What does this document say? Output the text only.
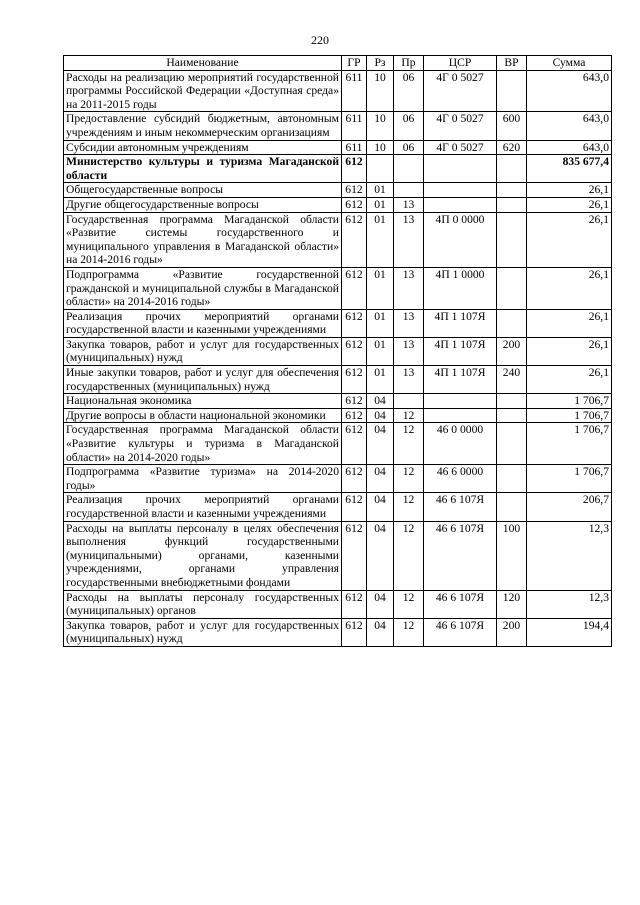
220
Наименование	ГР	Рз	Пр	ЦСР	ВР	Сумма
Расходы на реализацию мероприятий государственной программы Российской Федерации «Доступная среда» на 2011-2015 годы	611	10	06	4Г 0 5027		643,0
Предоставление субсидий бюджетным, автономным учреждениям и иным некоммерческим организациям	611	10	06	4Г 0 5027	600	643,0
Субсидии автономным учреждениям	611	10	06	4Г 0 5027	620	643,0
Министерство культуры и туризма Магаданской области	612					835 677,4
Общегосударственные вопросы	612	01				26,1
Другие общегосударственные вопросы	612	01	13			26,1
Государственная программа Магаданской области «Развитие системы государственного и муниципального управления в Магаданской области» на 2014-2016 годы»	612	01	13	4П 0 0000		26,1
Подпрограмма «Развитие государственной гражданской и муниципальной службы в Магаданской области» на 2014-2016 годы»	612	01	13	4П 1 0000		26,1
Реализация прочих мероприятий органами государственной власти и казенными учреждениями	612	01	13	4П 1 107Я		26,1
Закупка товаров, работ и услуг для государственных (муниципальных) нужд	612	01	13	4П 1 107Я	200	26,1
Иные закупки товаров, работ и услуг для обеспечения государственных (муниципальных) нужд	612	01	13	4П 1 107Я	240	26,1
Национальная экономика	612	04				1 706,7
Другие вопросы в области национальной экономики	612	04	12			1 706,7
Государственная программа Магаданской области «Развитие культуры и туризма в Магаданской области» на 2014-2020 годы»	612	04	12	46 0 0000		1 706,7
Подпрограмма «Развитие туризма» на 2014-2020 годы»	612	04	12	46 6 0000		1 706,7
Реализация прочих мероприятий органами государственной власти и казенными учреждениями	612	04	12	46 6 107Я		206,7
Расходы на выплаты персоналу в целях обеспечения выполнения функций государственными (муниципальными) органами, казенными учреждениями, органами управления государственными внебюджетными фондами	612	04	12	46 6 107Я	100	12,3
Расходы на выплаты персоналу государственных (муниципальных) органов	612	04	12	46 6 107Я	120	12,3
Закупка товаров, работ и услуг для государственных (муниципальных) нужд	612	04	12	46 6 107Я	200	194,4
